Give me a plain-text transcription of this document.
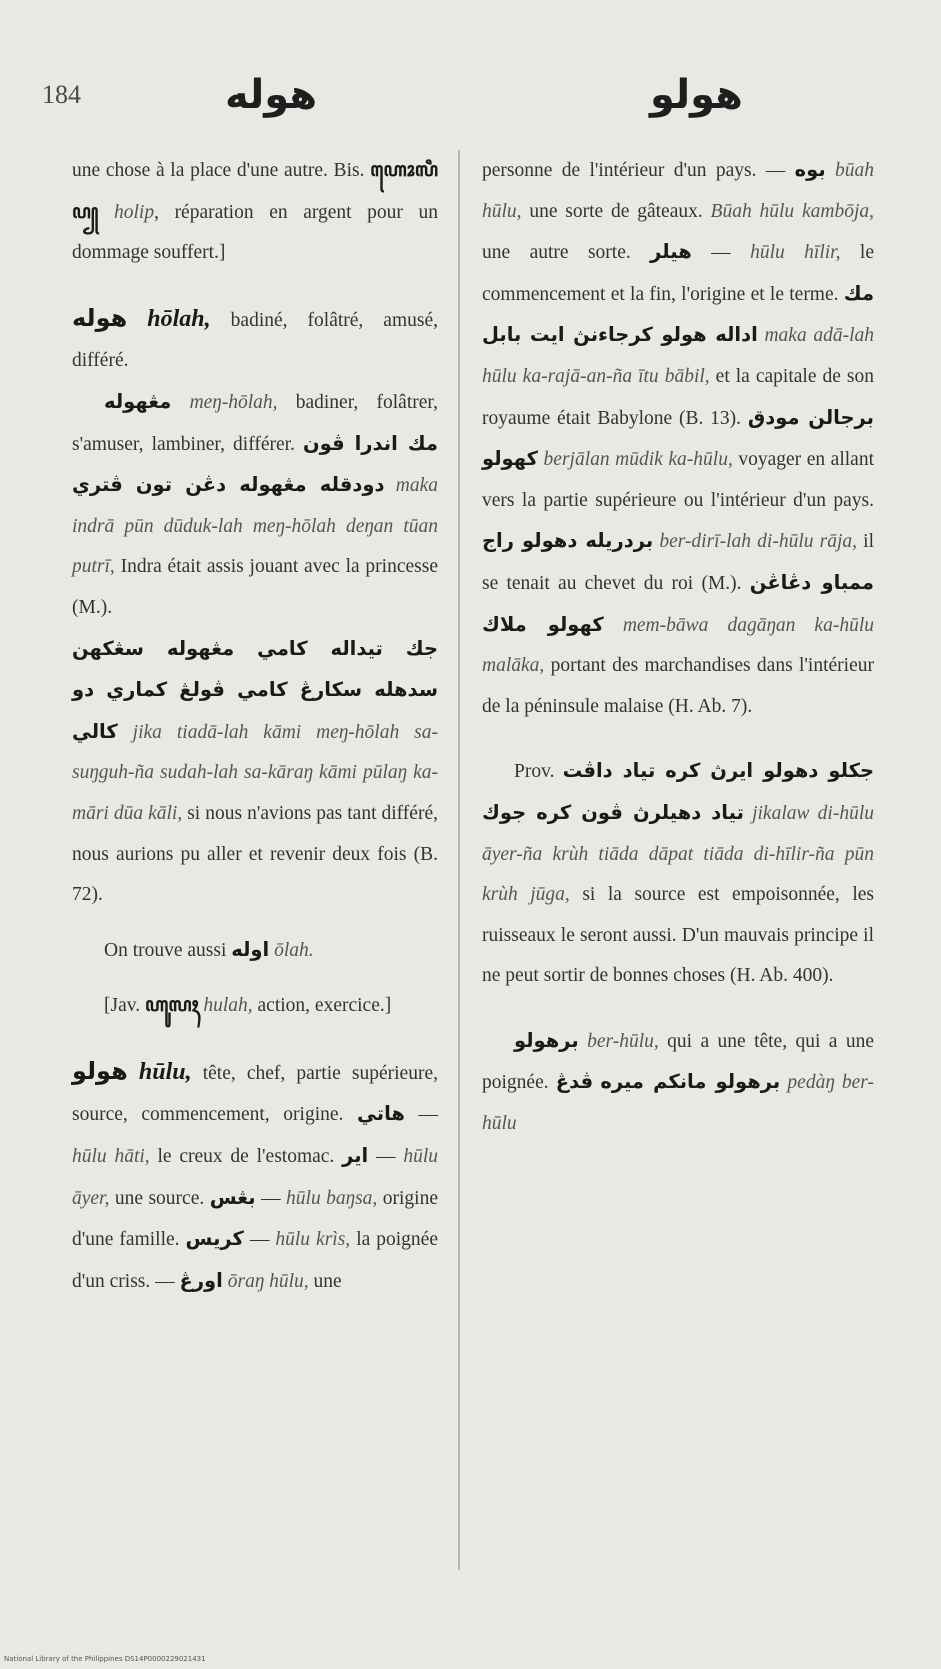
184	هوله	هولو

une chose à la place d'une autre. Bis. ꦲꦺꦴꦭꦶꦥ꧀ holip, réparation en argent pour un dommage souffert.]

هوله hōlah, badiné, folâtré, amusé, différé.

مڠهوله meŋ-hōlah, badiner, folâtrer, s'amuser, lambiner, différer. مك اندرا ڤون دودقله مڠهوله دڠن تون ڤتري maka indrā pūn dūduk-lah meŋ-hōlah deŋan tūan putrī, Indra était assis jouant avec la princesse (M.).

جك تيداله كامي مڠهوله سڠکهن سدهله سكارڠ كامي ڤولڠ كماري دو كالي jika tiadā-lah kāmi meŋ-hōlah sa-suŋguh-ña sudah-lah sa-kāraŋ kāmi pūlaŋ ka-māri dūa kāli, si nous n'avions pas tant différé, nous aurions pu aller et revenir deux fois (B. 72).

On trouve aussi اوله ōlah.

[Jav. ꦲꦸꦭꦃ hulah, action, exercice.]

هولو hūlu, tête, chef, partie supérieure, source, commencement, origine. هاتي — hūlu hāti, le creux de l'estomac. اير — hūlu āyer, une source. بڠس — hūlu baŋsa, origine d'une famille. كريس — hūlu krìs, la poignée d'un criss. — اورڠ ōraŋ hūlu, une

personne de l'intérieur d'un pays. — بوه būah hūlu, une sorte de gâteaux. Būah hūlu kambōja, une autre sorte. هيلر — hūlu hīlir, le commencement et la fin, l'origine et le terme. مك اداله هولو كرجاءنڽ ايت بابل maka adā-lah hūlu ka-rajā-an-ña ītu bābil, et la capitale de son royaume était Babylone (B. 13). برجالن مودق كهولو berjālan mūdik ka-hūlu, voyager en allant vers la partie supérieure ou l'intérieur d'un pays. بردريله دهولو راج ber-dirī-lah di-hūlu rāja, il se tenait au chevet du roi (M.). ممباو دڠاڠن كهولو ملاك mem-bāwa dagāŋan ka-hūlu malāka, portant des marchandises dans l'intérieur de la péninsule malaise (H. Ab. 7).

Prov. جكلو دهولو ايرڽ كره تياد داڤت تياد دهيلرڽ ڤون كره جوك jikalaw di-hūlu āyer-ña krùh tiāda dāpat tiāda di-hīlir-ña pūn krùh jūga, si la source est empoisonnée, les ruisseaux le seront aussi. D'un mauvais principe il ne peut sortir de bonnes choses (H. Ab. 400).

برهولو ber-hūlu, qui a une tête, qui a une poignée. ڤدڠ برهولو مانكم ميره pedàŋ ber-hūlu

National Library of the Philippines DS14P0000229021431
